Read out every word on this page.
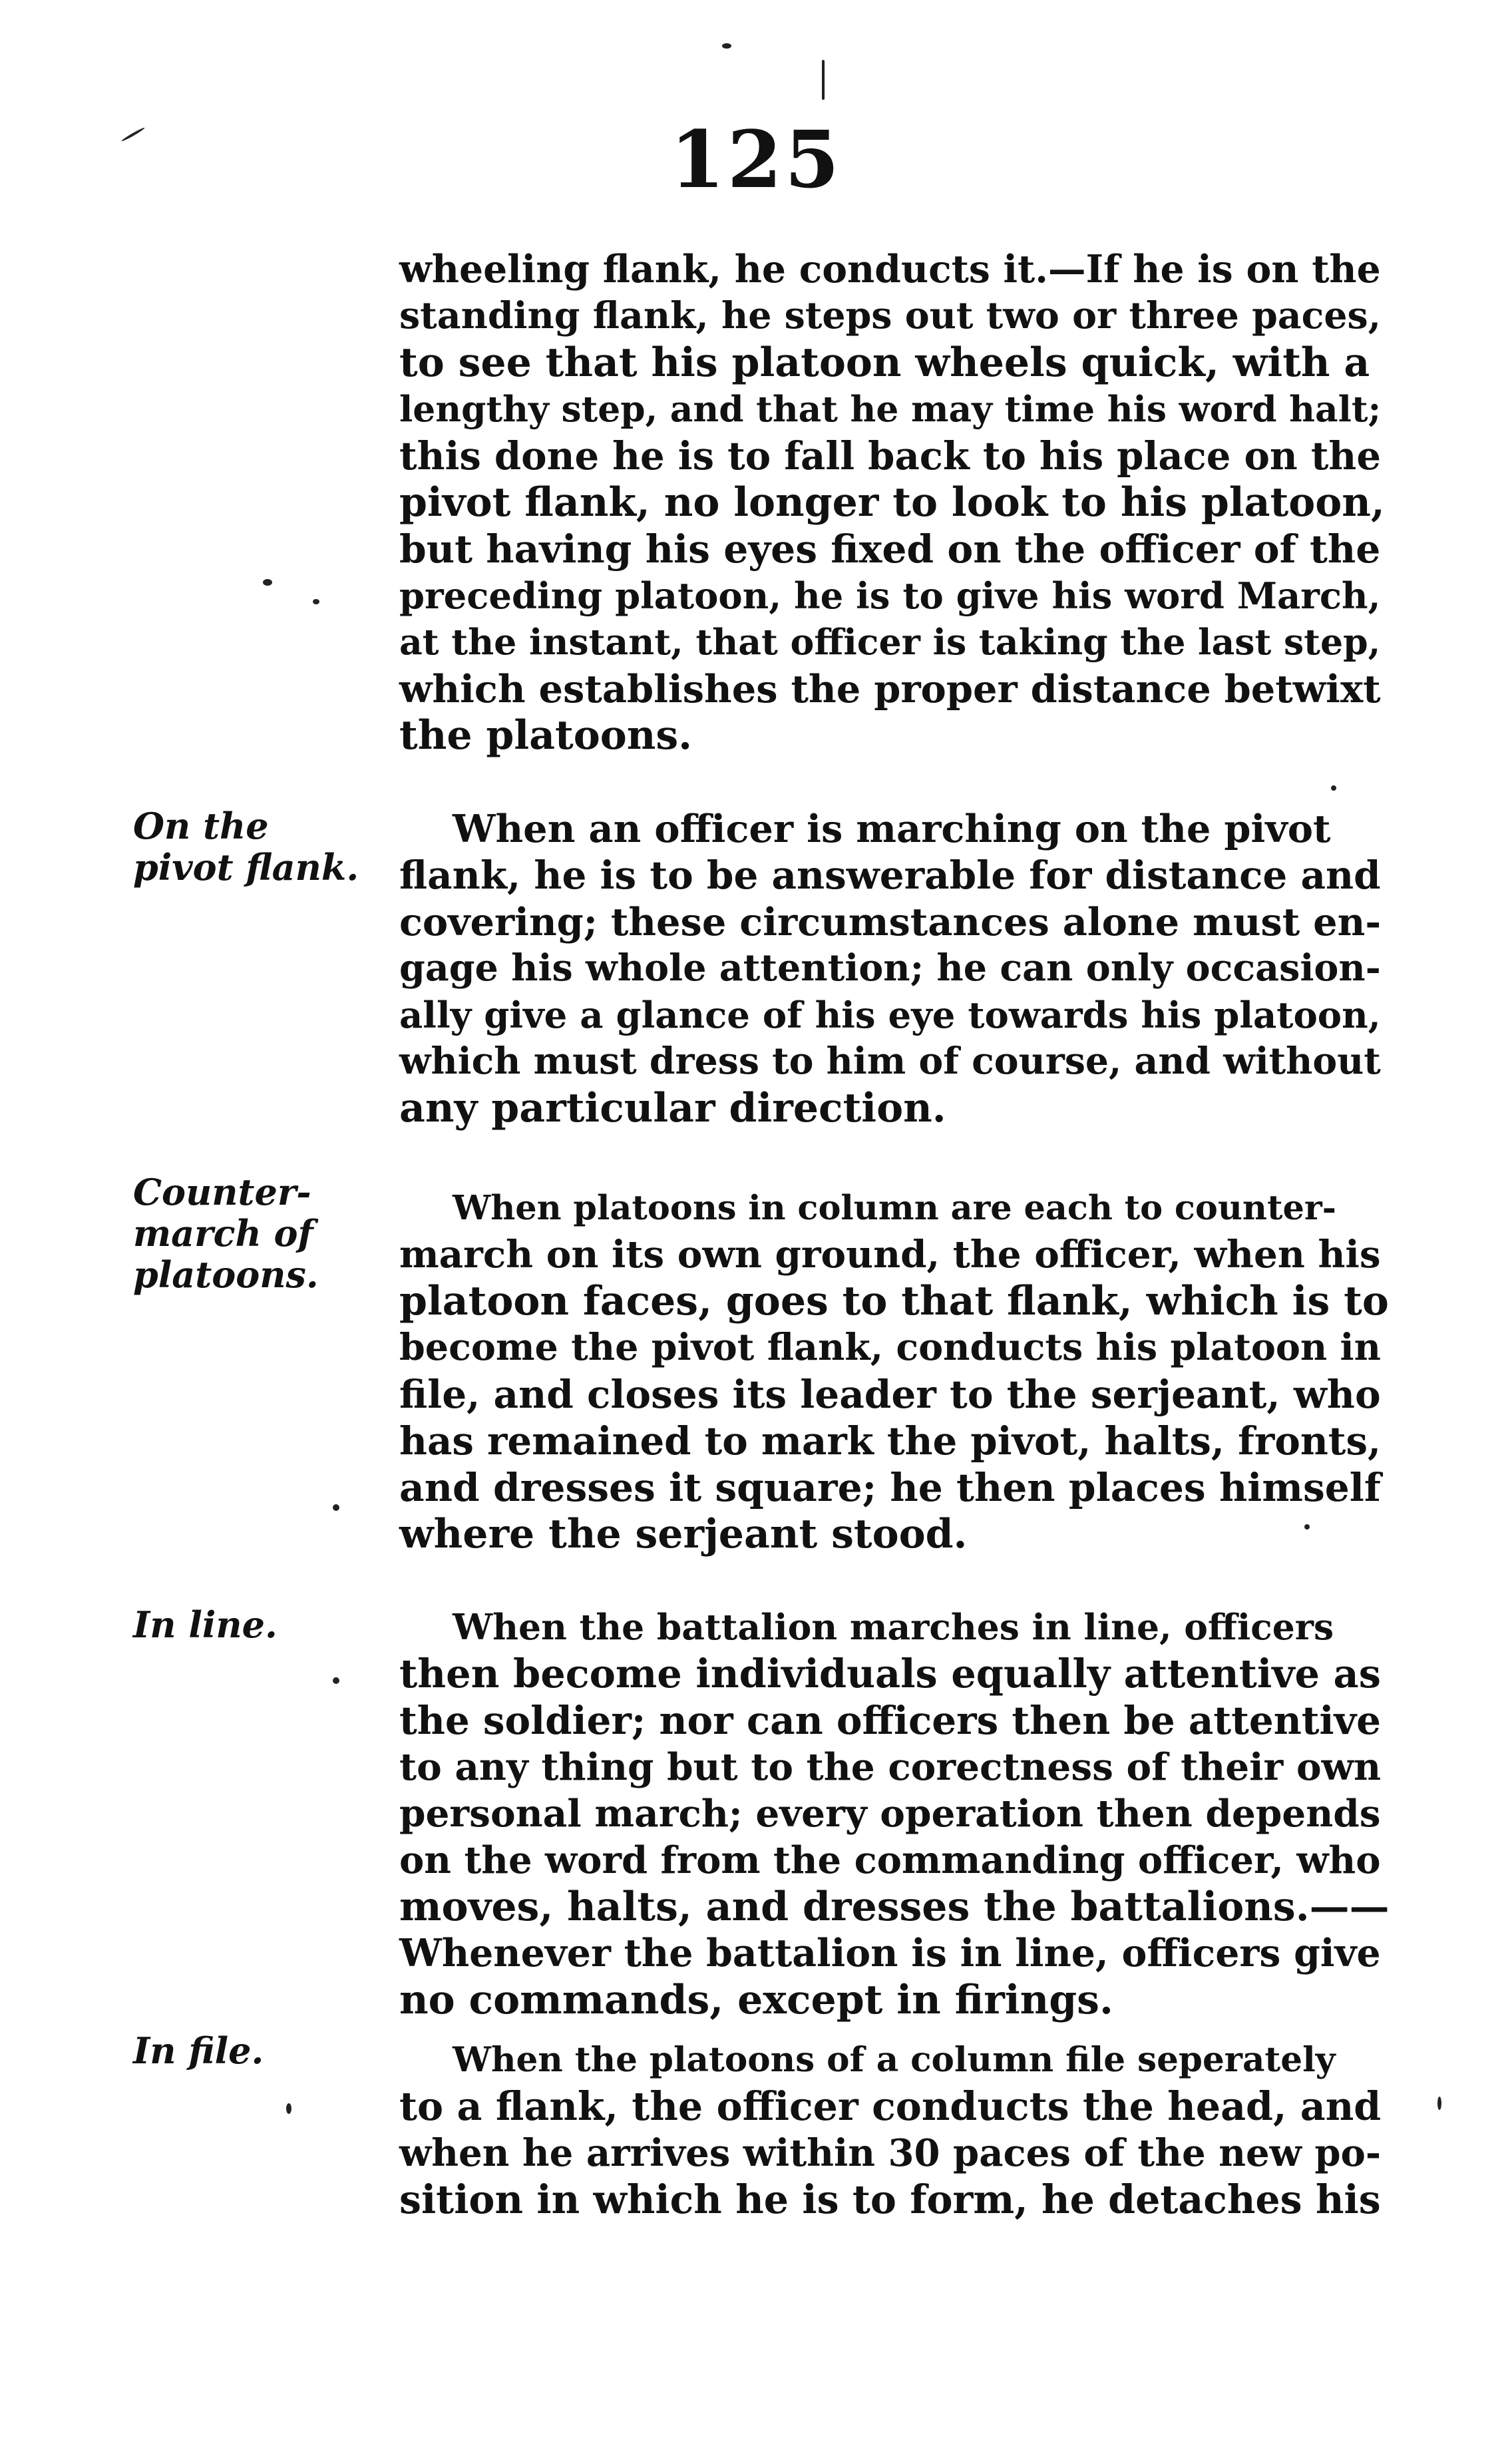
125

wheeling flank, he conducts it.—If he is on the
standing flank, he steps out two or three paces,
to see that his platoon wheels quick, with a
lengthy step, and that he may time his word halt;
this done he is to fall back to his place on the
pivot flank, no longer to look to his platoon,
but having his eyes fixed on the officer of the
preceding platoon, he is to give his word March,
at the instant, that officer is taking the last step,
which establishes the proper distance betwixt
the platoons.

On the
pivot flank.

When an officer is marching on the pivot
flank, he is to be answerable for distance and
covering; these circumstances alone must en-
gage his whole attention; he can only occasion-
ally give a glance of his eye towards his platoon,
which must dress to him of course, and without
any particular direction.

Counter-
march of
platoons.

When platoons in column are each to counter-
march on its own ground, the officer, when his
platoon faces, goes to that flank, which is to
become the pivot flank, conducts his platoon in
file, and closes its leader to the serjeant, who
has remained to mark the pivot, halts, fronts,
and dresses it square; he then places himself
where the serjeant stood.

In line.	When the battalion marches in line, officers
then become individuals equally attentive as
the soldier; nor can officers then be attentive
to any thing but to the corectness of their own
personal march; every operation then depends
on the word from the commanding officer, who
moves, halts, and dresses the battalions.——
Whenever the battalion is in line, officers give
no commands, except in firings.

In file.	When the platoons of a column file seperately
to a flank, the officer conducts the head, and
when he arrives within 30 paces of the new po-
sition in which he is to form, he detaches his
